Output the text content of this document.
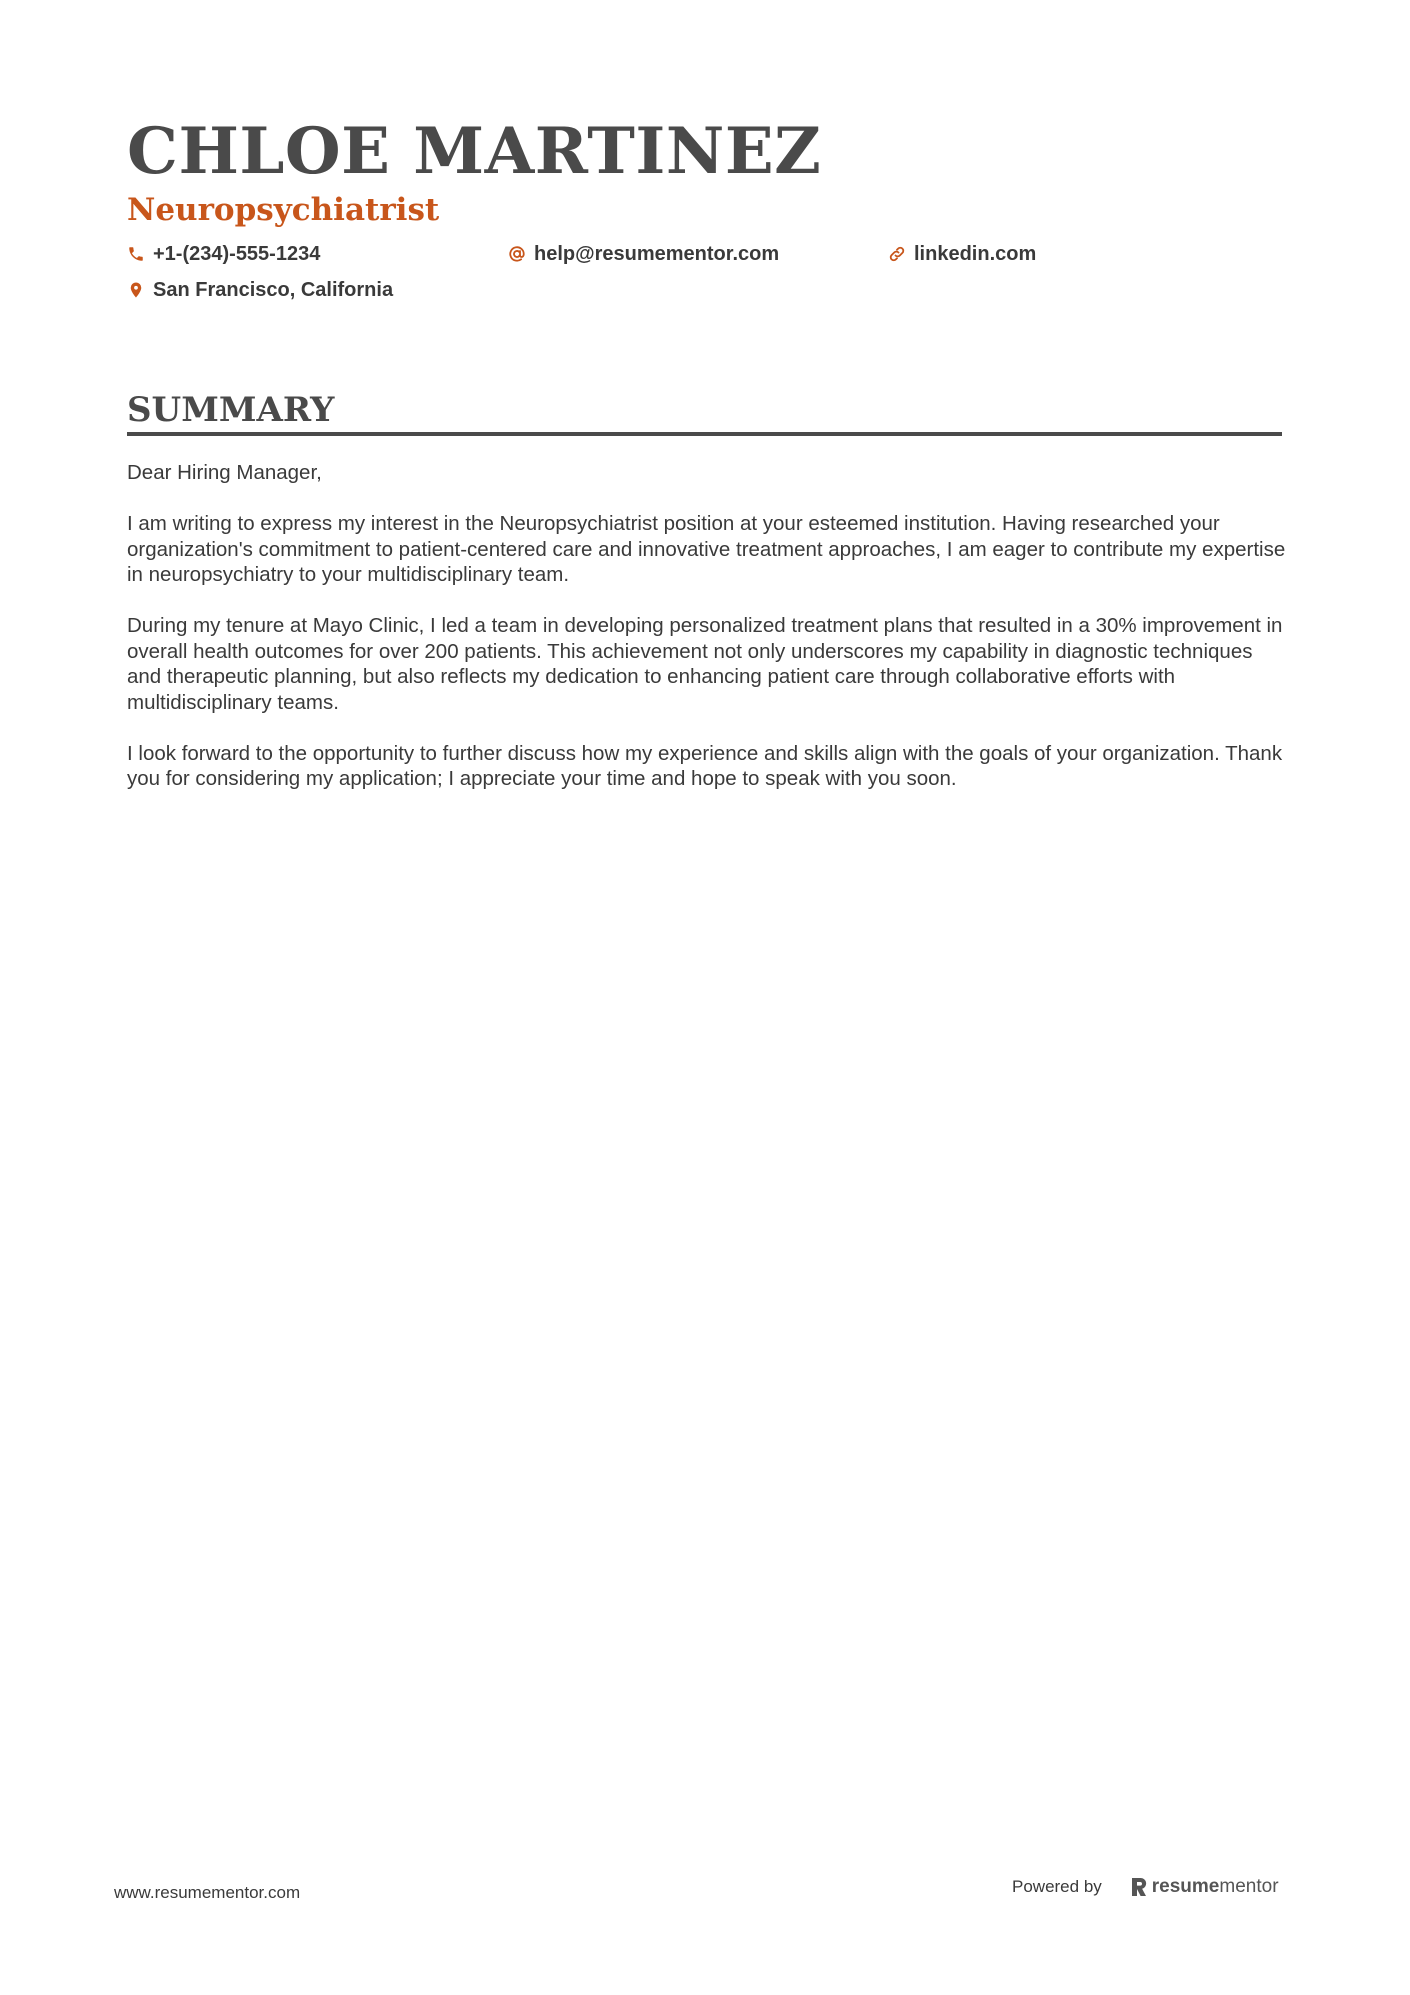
CHLOE MARTINEZ
Neuropsychiatrist
+1-(234)-555-1234	help@resumementor.com	linkedin.com
San Francisco, California
SUMMARY

Dear Hiring Manager,

I am writing to express my interest in the Neuropsychiatrist position at your esteemed institution. Having researched your organization's commitment to patient-centered care and innovative treatment approaches, I am eager to contribute my expertise in neuropsychiatry to your multidisciplinary team.

During my tenure at Mayo Clinic, I led a team in developing personalized treatment plans that resulted in a 30% improvement in overall health outcomes for over 200 patients. This achievement not only underscores my capability in diagnostic techniques and therapeutic planning, but also reflects my dedication to enhancing patient care through collaborative efforts with multidisciplinary teams.

I look forward to the opportunity to further discuss how my experience and skills align with the goals of your organization. Thank you for considering my application; I appreciate your time and hope to speak with you soon.

www.resumementor.com	Powered by	resumementor
